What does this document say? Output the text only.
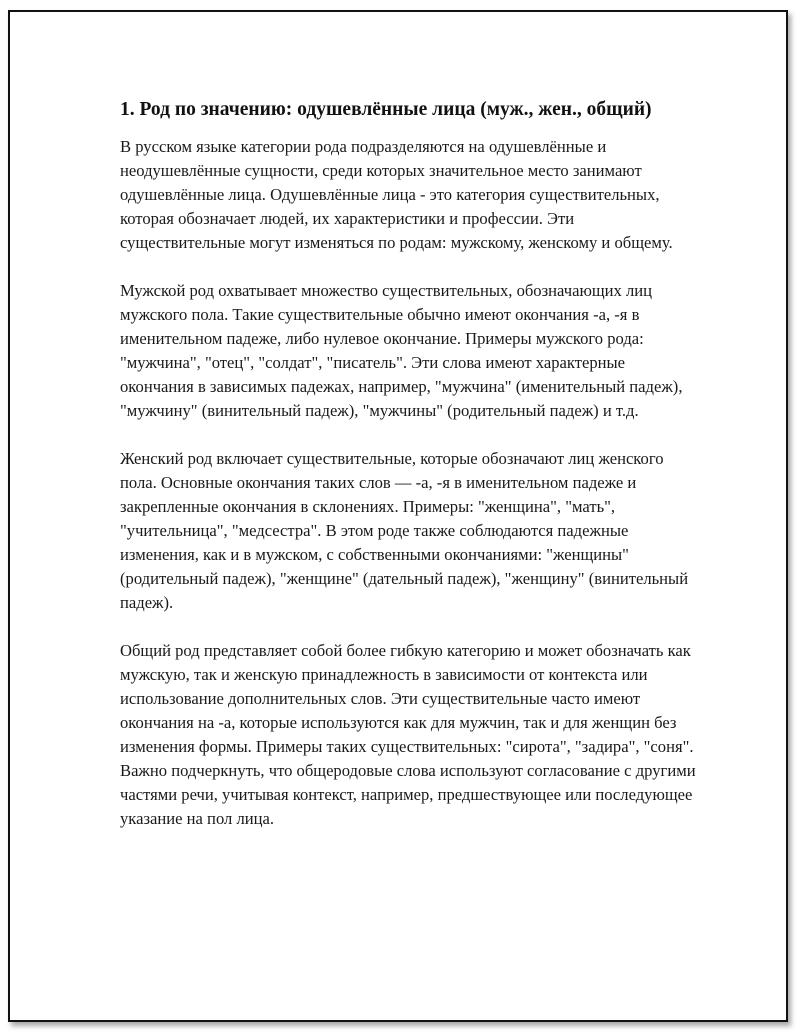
1. Род по значению: одушевлённые лица (муж., жен., общий)

В русском языке категории рода подразделяются на одушевлённые и неодушевлённые сущности, среди которых значительное место занимают одушевлённые лица. Одушевлённые лица - это категория существительных, которая обозначает людей, их характеристики и профессии. Эти существительные могут изменяться по родам: мужскому, женскому и общему.

Мужской род охватывает множество существительных, обозначающих лиц мужского пола. Такие существительные обычно имеют окончания -а, -я в именительном падеже, либо нулевое окончание. Примеры мужского рода: "мужчина", "отец", "солдат", "писатель". Эти слова имеют характерные окончания в зависимых падежах, например, "мужчина" (именительный падеж), "мужчину" (винительный падеж), "мужчины" (родительный падеж) и т.д.

Женский род включает существительные, которые обозначают лиц женского пола. Основные окончания таких слов — -а, -я в именительном падеже и закрепленные окончания в склонениях. Примеры: "женщина", "мать", "учительница", "медсестра". В этом роде также соблюдаются падежные изменения, как и в мужском, с собственными окончаниями: "женщины" (родительный падеж), "женщине" (дательный падеж), "женщину" (винительный падеж).

Общий род представляет собой более гибкую категорию и может обозначать как мужскую, так и женскую принадлежность в зависимости от контекста или использование дополнительных слов. Эти существительные часто имеют окончания на -а, которые используются как для мужчин, так и для женщин без изменения формы. Примеры таких существительных: "сирота", "задира", "соня". Важно подчеркнуть, что общеродовые слова используют согласование с другими частями речи, учитывая контекст, например, предшествующее или последующее указание на пол лица.
